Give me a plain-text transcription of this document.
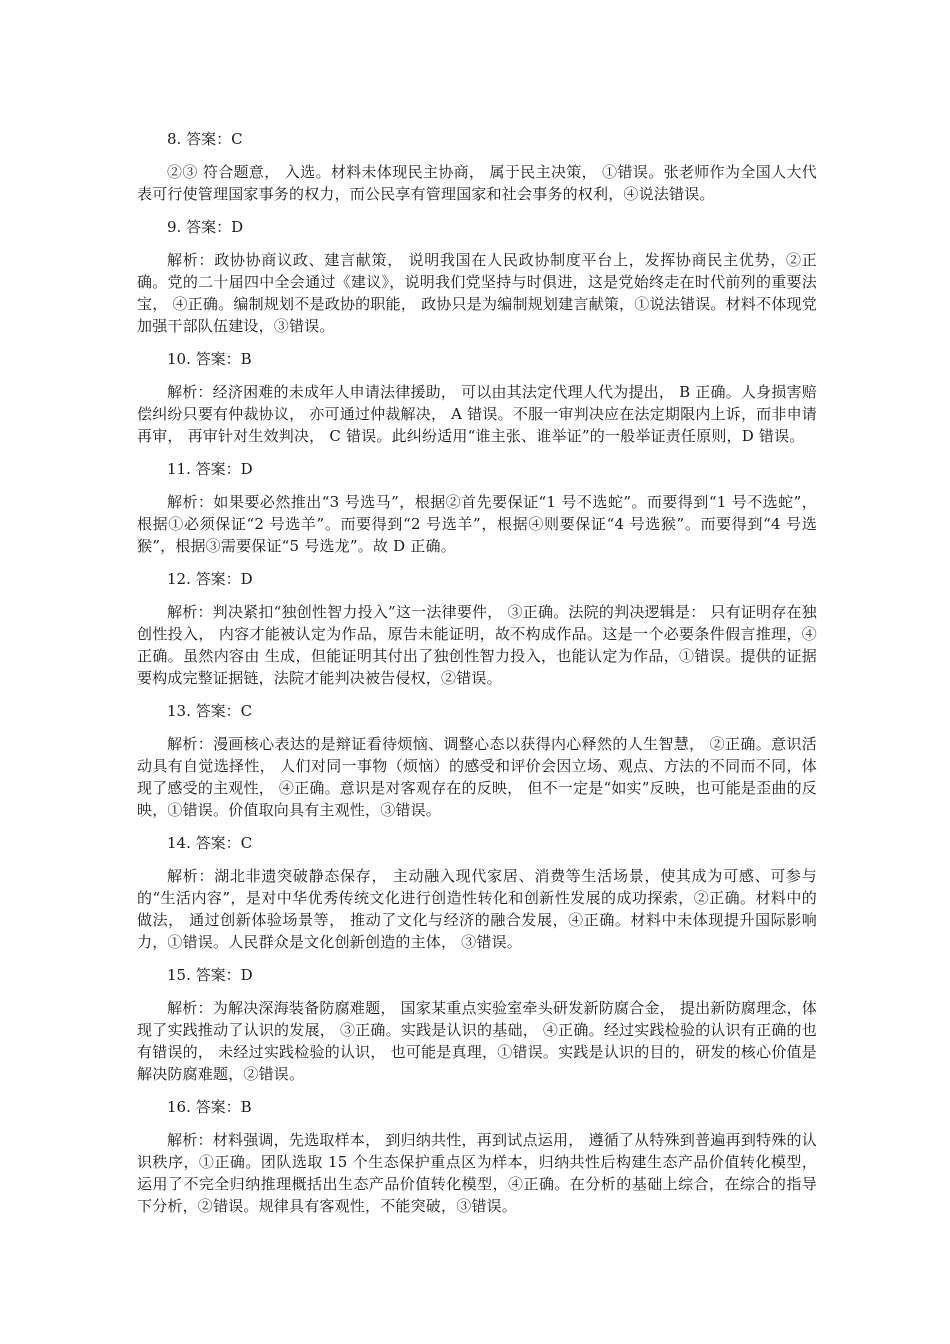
8. 答案：C

②③ 符合题意， 入选。材料未体现民主协商， 属于民主决策， ①错误。张老师作为全国人大代表可行使管理国家事务的权力，而公民享有管理国家和社会事务的权利，④说法错误。

9. 答案：D

解析：政协协商议政、建言献策， 说明我国在人民政协制度平台上，发挥协商民主优势，②正确。党的二十届四中全会通过《建议》，说明我们党坚持与时俱进，这是党始终走在时代前列的重要法宝， ④正确。编制规划不是政协的职能， 政协只是为编制规划建言献策，①说法错误。材料不体现党加强干部队伍建设，③错误。

10. 答案：B

解析：经济困难的未成年人申请法律援助， 可以由其法定代理人代为提出， B 正确。人身损害赔偿纠纷只要有仲裁协议， 亦可通过仲裁解决， A 错误。不服一审判决应在法定期限内上诉，而非申请再审， 再审针对生效判决， C 错误。此纠纷适用“谁主张、谁举证”的一般举证责任原则，D 错误。

11. 答案：D

解析：如果要必然推出“3 号选马”，根据②首先要保证“1 号不选蛇”。而要得到“1 号不选蛇”，根据①必须保证“2 号选羊”。而要得到“2 号选羊”，根据④则要保证“4 号选猴”。而要得到“4 号选猴”，根据③需要保证“5 号选龙”。故 D 正确。

12. 答案：D

解析：判决紧扣“独创性智力投入”这一法律要件， ③正确。法院的判决逻辑是： 只有证明存在独创性投入， 内容才能被认定为作品，原告未能证明，故不构成作品。这是一个必要条件假言推理，④正确。虽然内容由 生成，但能证明其付出了独创性智力投入，也能认定为作品，①错误。提供的证据要构成完整证据链，法院才能判决被告侵权，②错误。

13. 答案：C

解析：漫画核心表达的是辩证看待烦恼、调整心态以获得内心释然的人生智慧， ②正确。意识活动具有自觉选择性， 人们对同一事物（烦恼）的感受和评价会因立场、观点、方法的不同而不同，体现了感受的主观性， ④正确。意识是对客观存在的反映， 但不一定是“如实”反映，也可能是歪曲的反映，①错误。价值取向具有主观性，③错误。

14. 答案：C

解析：湖北非遗突破静态保存， 主动融入现代家居、消费等生活场景，使其成为可感、可参与的“生活内容”，是对中华优秀传统文化进行创造性转化和创新性发展的成功探索，②正确。材料中的做法， 通过创新体验场景等， 推动了文化与经济的融合发展，④正确。材料中未体现提升国际影响力，①错误。人民群众是文化创新创造的主体， ③错误。

15. 答案：D

解析：为解决深海装备防腐难题， 国家某重点实验室牵头研发新防腐合金， 提出新防腐理念，体现了实践推动了认识的发展， ③正确。实践是认识的基础， ④正确。经过实践检验的认识有正确的也有错误的， 未经过实践检验的认识， 也可能是真理，①错误。实践是认识的目的，研发的核心价值是解决防腐难题，②错误。

16. 答案：B

解析：材料强调，先选取样本， 到归纳共性，再到试点运用， 遵循了从特殊到普遍再到特殊的认识秩序，①正确。团队选取 15 个生态保护重点区为样本，归纳共性后构建生态产品价值转化模型，运用了不完全归纳推理概括出生态产品价值转化模型，④正确。在分析的基础上综合，在综合的指导下分析，②错误。规律具有客观性，不能突破，③错误。
